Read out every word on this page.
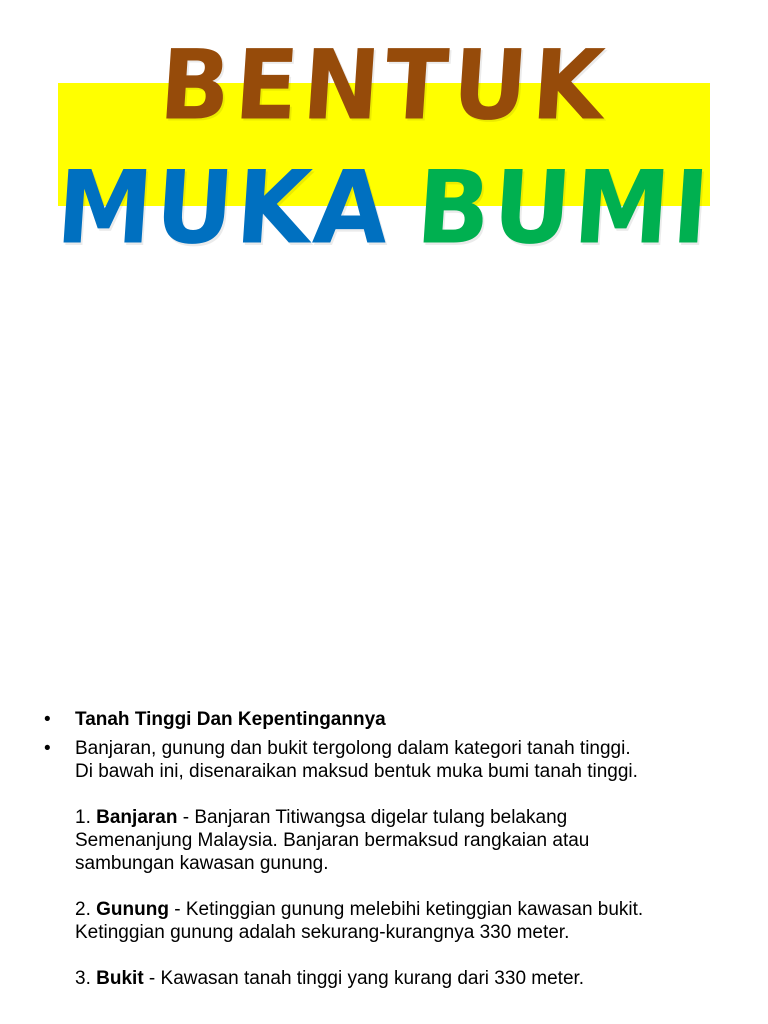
BENTUK
MUKA BUMI
•	Tanah Tinggi Dan Kepentingannya
•	Banjaran, gunung dan bukit tergolong dalam kategori tanah tinggi.
Di bawah ini, disenaraikan maksud bentuk muka bumi tanah tinggi.
1. Banjaran - Banjaran Titiwangsa digelar tulang belakang
Semenanjung Malaysia. Banjaran bermaksud rangkaian atau
sambungan kawasan gunung.
2. Gunung - Ketinggian gunung melebihi ketinggian kawasan bukit.
Ketinggian gunung adalah sekurang-kurangnya 330 meter.
3. Bukit - Kawasan tanah tinggi yang kurang dari 330 meter.
